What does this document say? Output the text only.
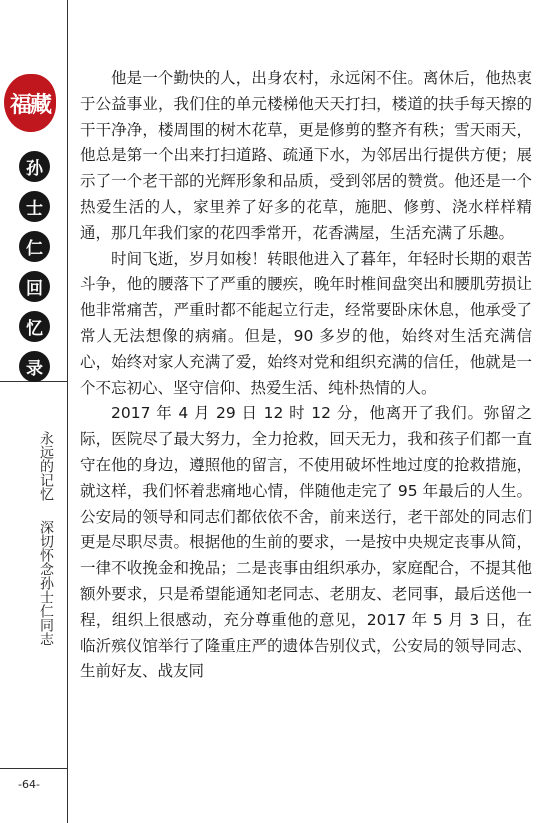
福藏
孙
士
仁
回
忆
录
永远的记忆
深切怀念孙士仁同志
-64-

他是一个勤快的人，出身农村，永远闲不住。离休后，他热衷于公益事业，我们住的单元楼梯他天天打扫，楼道的扶手每天擦的干干净净，楼周围的树木花草，更是修剪的整齐有秩；雪天雨天，他总是第一个出来打扫道路、疏通下水，为邻居出行提供方便；展示了一个老干部的光辉形象和品质，受到邻居的赞赏。他还是一个热爱生活的人，家里养了好多的花草，施肥、修剪、浇水样样精通，那几年我们家的花四季常开，花香满屋，生活充满了乐趣。

时间飞逝，岁月如梭！转眼他进入了暮年，年轻时长期的艰苦斗争，他的腰落下了严重的腰疾，晚年时椎间盘突出和腰肌劳损让他非常痛苦，严重时都不能起立行走，经常要卧床休息，他承受了常人无法想像的病痛。但是，90 多岁的他，始终对生活充满信心，始终对家人充满了爱，始终对党和组织充满的信任，他就是一个不忘初心、坚守信仰、热爱生活、纯朴热情的人。

2017 年 4 月 29 日 12 时 12 分，他离开了我们。弥留之际，医院尽了最大努力，全力抢救，回天无力，我和孩子们都一直守在他的身边，遵照他的留言，不使用破坏性地过度的抢救措施，就这样，我们怀着悲痛地心情，伴随他走完了 95 年最后的人生。公安局的领导和同志们都依依不舍，前来送行，老干部处的同志们更是尽职尽责。根据他的生前的要求，一是按中央规定丧事从简，一律不收挽金和挽品；二是丧事由组织承办，家庭配合，不提其他额外要求，只是希望能通知老同志、老朋友、老同事，最后送他一程，组织上很感动，充分尊重他的意见，2017 年 5 月 3 日，在临沂殡仪馆举行了隆重庄严的遗体告别仪式，公安局的领导同志、生前好友、战友同
